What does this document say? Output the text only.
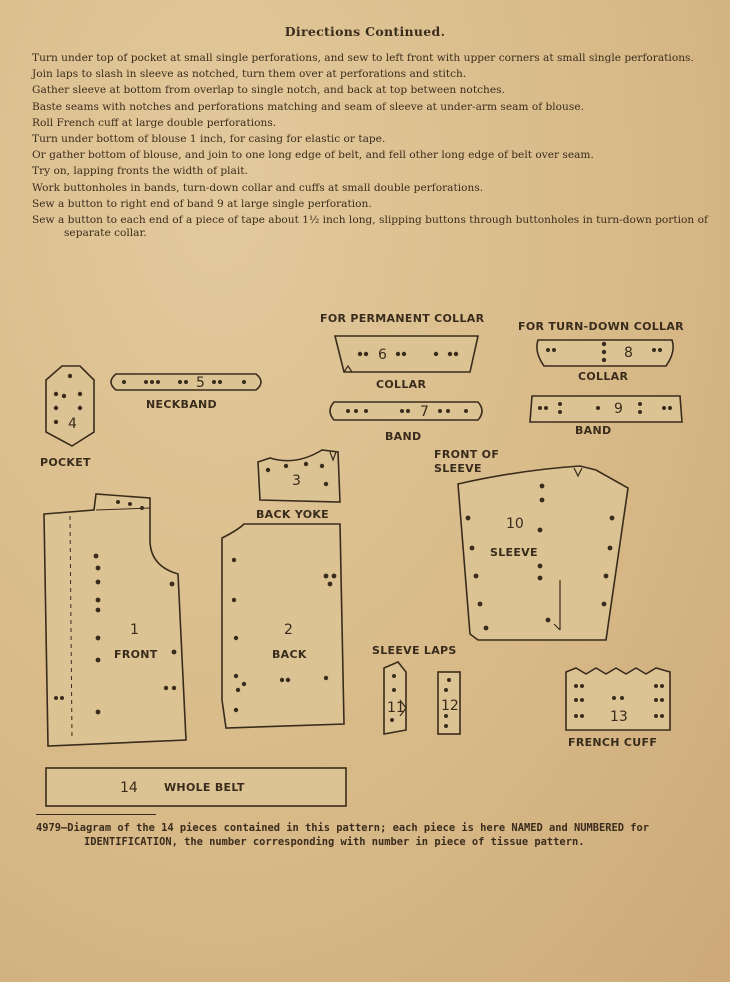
Directions Continued.

Turn under top of pocket at small single perforations, and sew to left front with upper corners at small single perforations.

Join laps to slash in sleeve as notched, turn them over at perforations and stitch.

Gather sleeve at bottom from overlap to single notch, and back at top between notches.

Baste seams with notches and perforations matching and seam of sleeve at under-arm seam of blouse.

Roll French cuff at large double perforations.

Turn under bottom of blouse 1 inch, for casing for elastic or tape.

Or gather bottom of blouse, and join to one long edge of belt, and fell other long edge of belt over seam.

Try on, lapping fronts the width of plait.

Work buttonholes in bands, turn-down collar and cuffs at small double perforations.

Sew a button to right end of band 9 at large single perforation.

Sew a button to each end of a piece of tape about 1½ inch long, slipping buttons through buttonholes in turn-down portion of separate collar.

FOR PERMANENT COLLAR
FOR TURN-DOWN COLLAR
6
COLLAR
7
BAND
8
COLLAR
9
BAND
4
POCKET
5
NECKBAND
3
BACK YOKE
FRONT OF
SLEEVE
10
SLEEVE
1
FRONT
2
BACK	SLEEVE LAPS
11	12
13
FRENCH CUFF
14 WHOLE BELT

4979—Diagram of the 14 pieces contained in this pattern; each piece is here NAMED and NUMBERED for IDENTIFICATION, the number corresponding with number in piece of tissue pattern.
